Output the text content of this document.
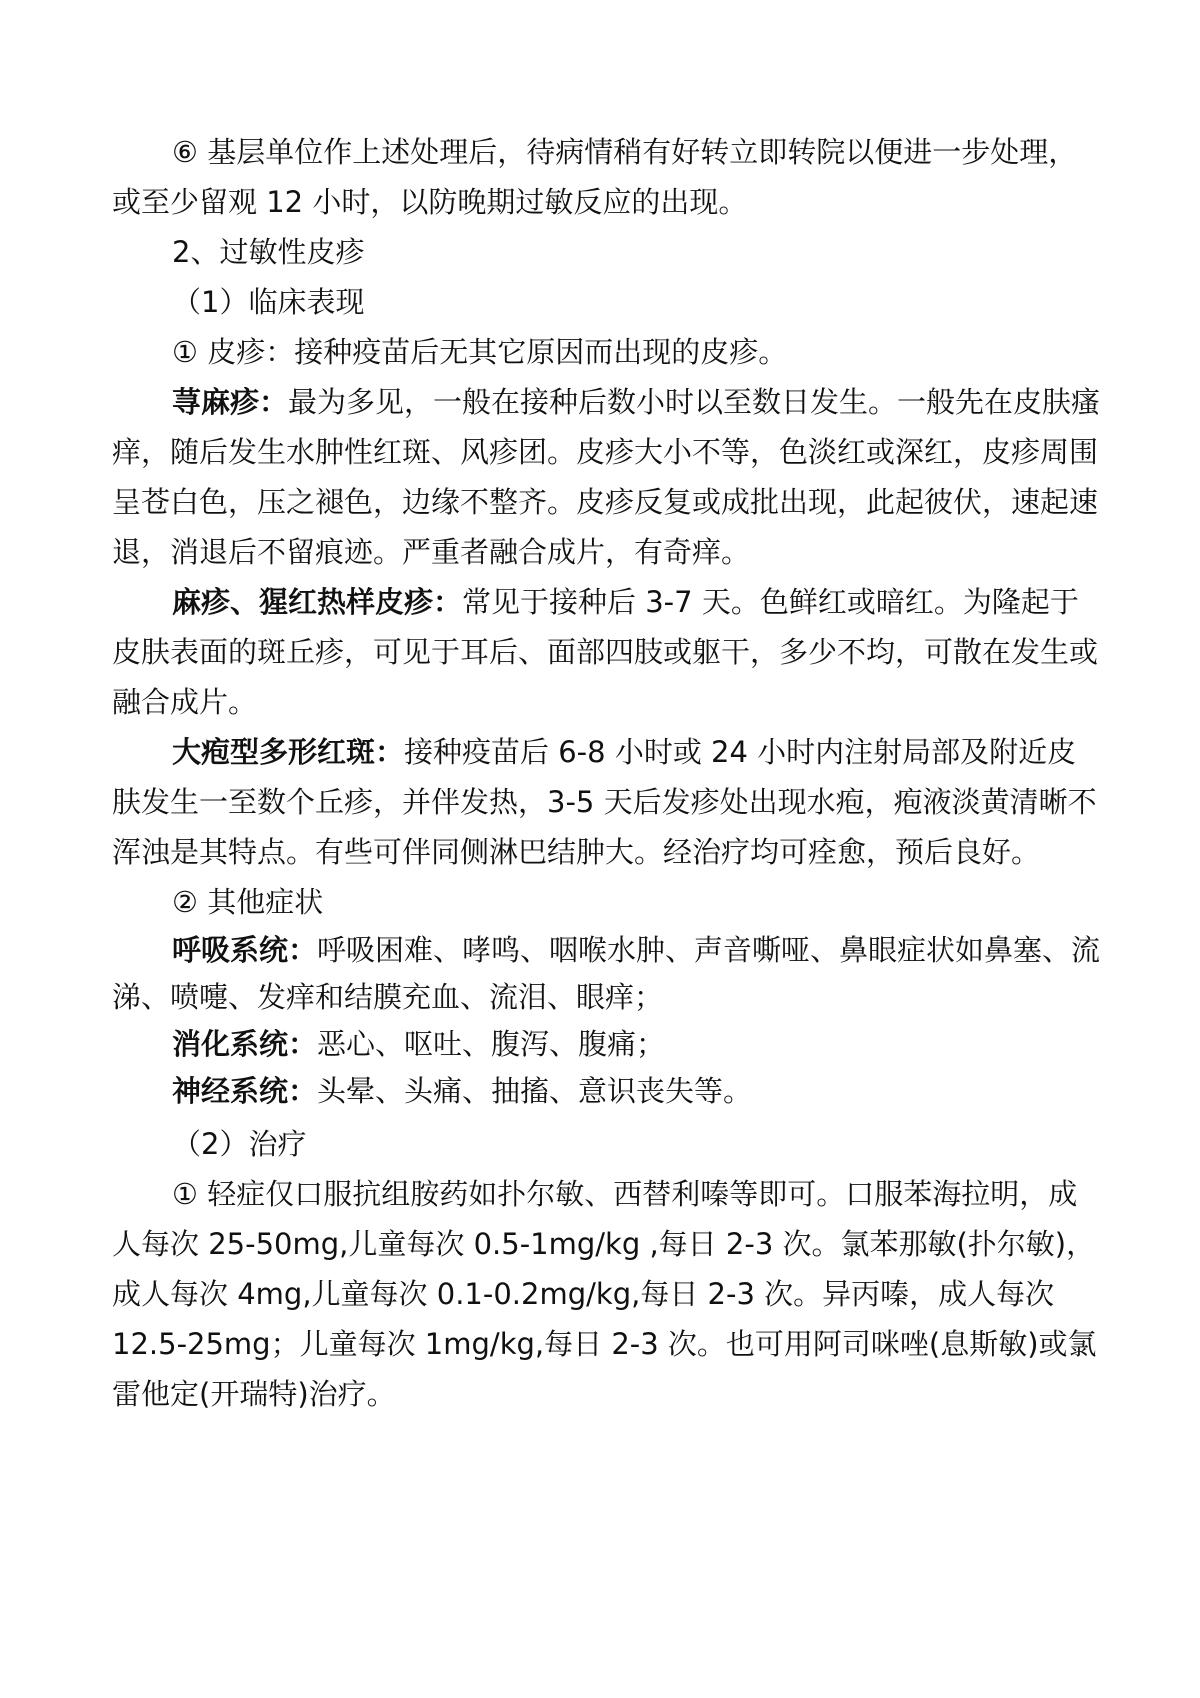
⑥ 基层单位作上述处理后，待病情稍有好转立即转院以便进一步处理，或至少留观 12 小时，以防晚期过敏反应的出现。

2、过敏性皮疹

（1）临床表现

① 皮疹：接种疫苗后无其它原因而出现的皮疹。

荨麻疹：最为多见，一般在接种后数小时以至数日发生。一般先在皮肤瘙痒，随后发生水肿性红斑、风疹团。皮疹大小不等，色淡红或深红，皮疹周围呈苍白色，压之褪色，边缘不整齐。皮疹反复或成批出现，此起彼伏，速起速退，消退后不留痕迹。严重者融合成片，有奇痒。

麻疹、猩红热样皮疹：常见于接种后 3-7 天。色鲜红或暗红。为隆起于皮肤表面的斑丘疹，可见于耳后、面部四肢或躯干，多少不均，可散在发生或融合成片。

大疱型多形红斑：接种疫苗后 6-8 小时或 24 小时内注射局部及附近皮肤发生一至数个丘疹，并伴发热，3-5 天后发疹处出现水疱，疱液淡黄清晰不浑浊是其特点。有些可伴同侧淋巴结肿大。经治疗均可痊愈，预后良好。

② 其他症状

呼吸系统：呼吸困难、哮鸣、咽喉水肿、声音嘶哑、鼻眼症状如鼻塞、流涕、喷嚏、发痒和结膜充血、流泪、眼痒；

消化系统：恶心、呕吐、腹泻、腹痛；

神经系统：头晕、头痛、抽搐、意识丧失等。

（2）治疗

① 轻症仅口服抗组胺药如扑尔敏、西替利嗪等即可。口服苯海拉明，成人每次 25-50mg,儿童每次 0.5-1mg/kg ,每日 2-3 次。氯苯那敏(扑尔敏)，成人每次 4mg,儿童每次 0.1-0.2mg/kg,每日 2-3 次。异丙嗪，成人每次 12.5-25mg；儿童每次 1mg/kg,每日 2-3 次。也可用阿司咪唑(息斯敏)或氯雷他定(开瑞特)治疗。
